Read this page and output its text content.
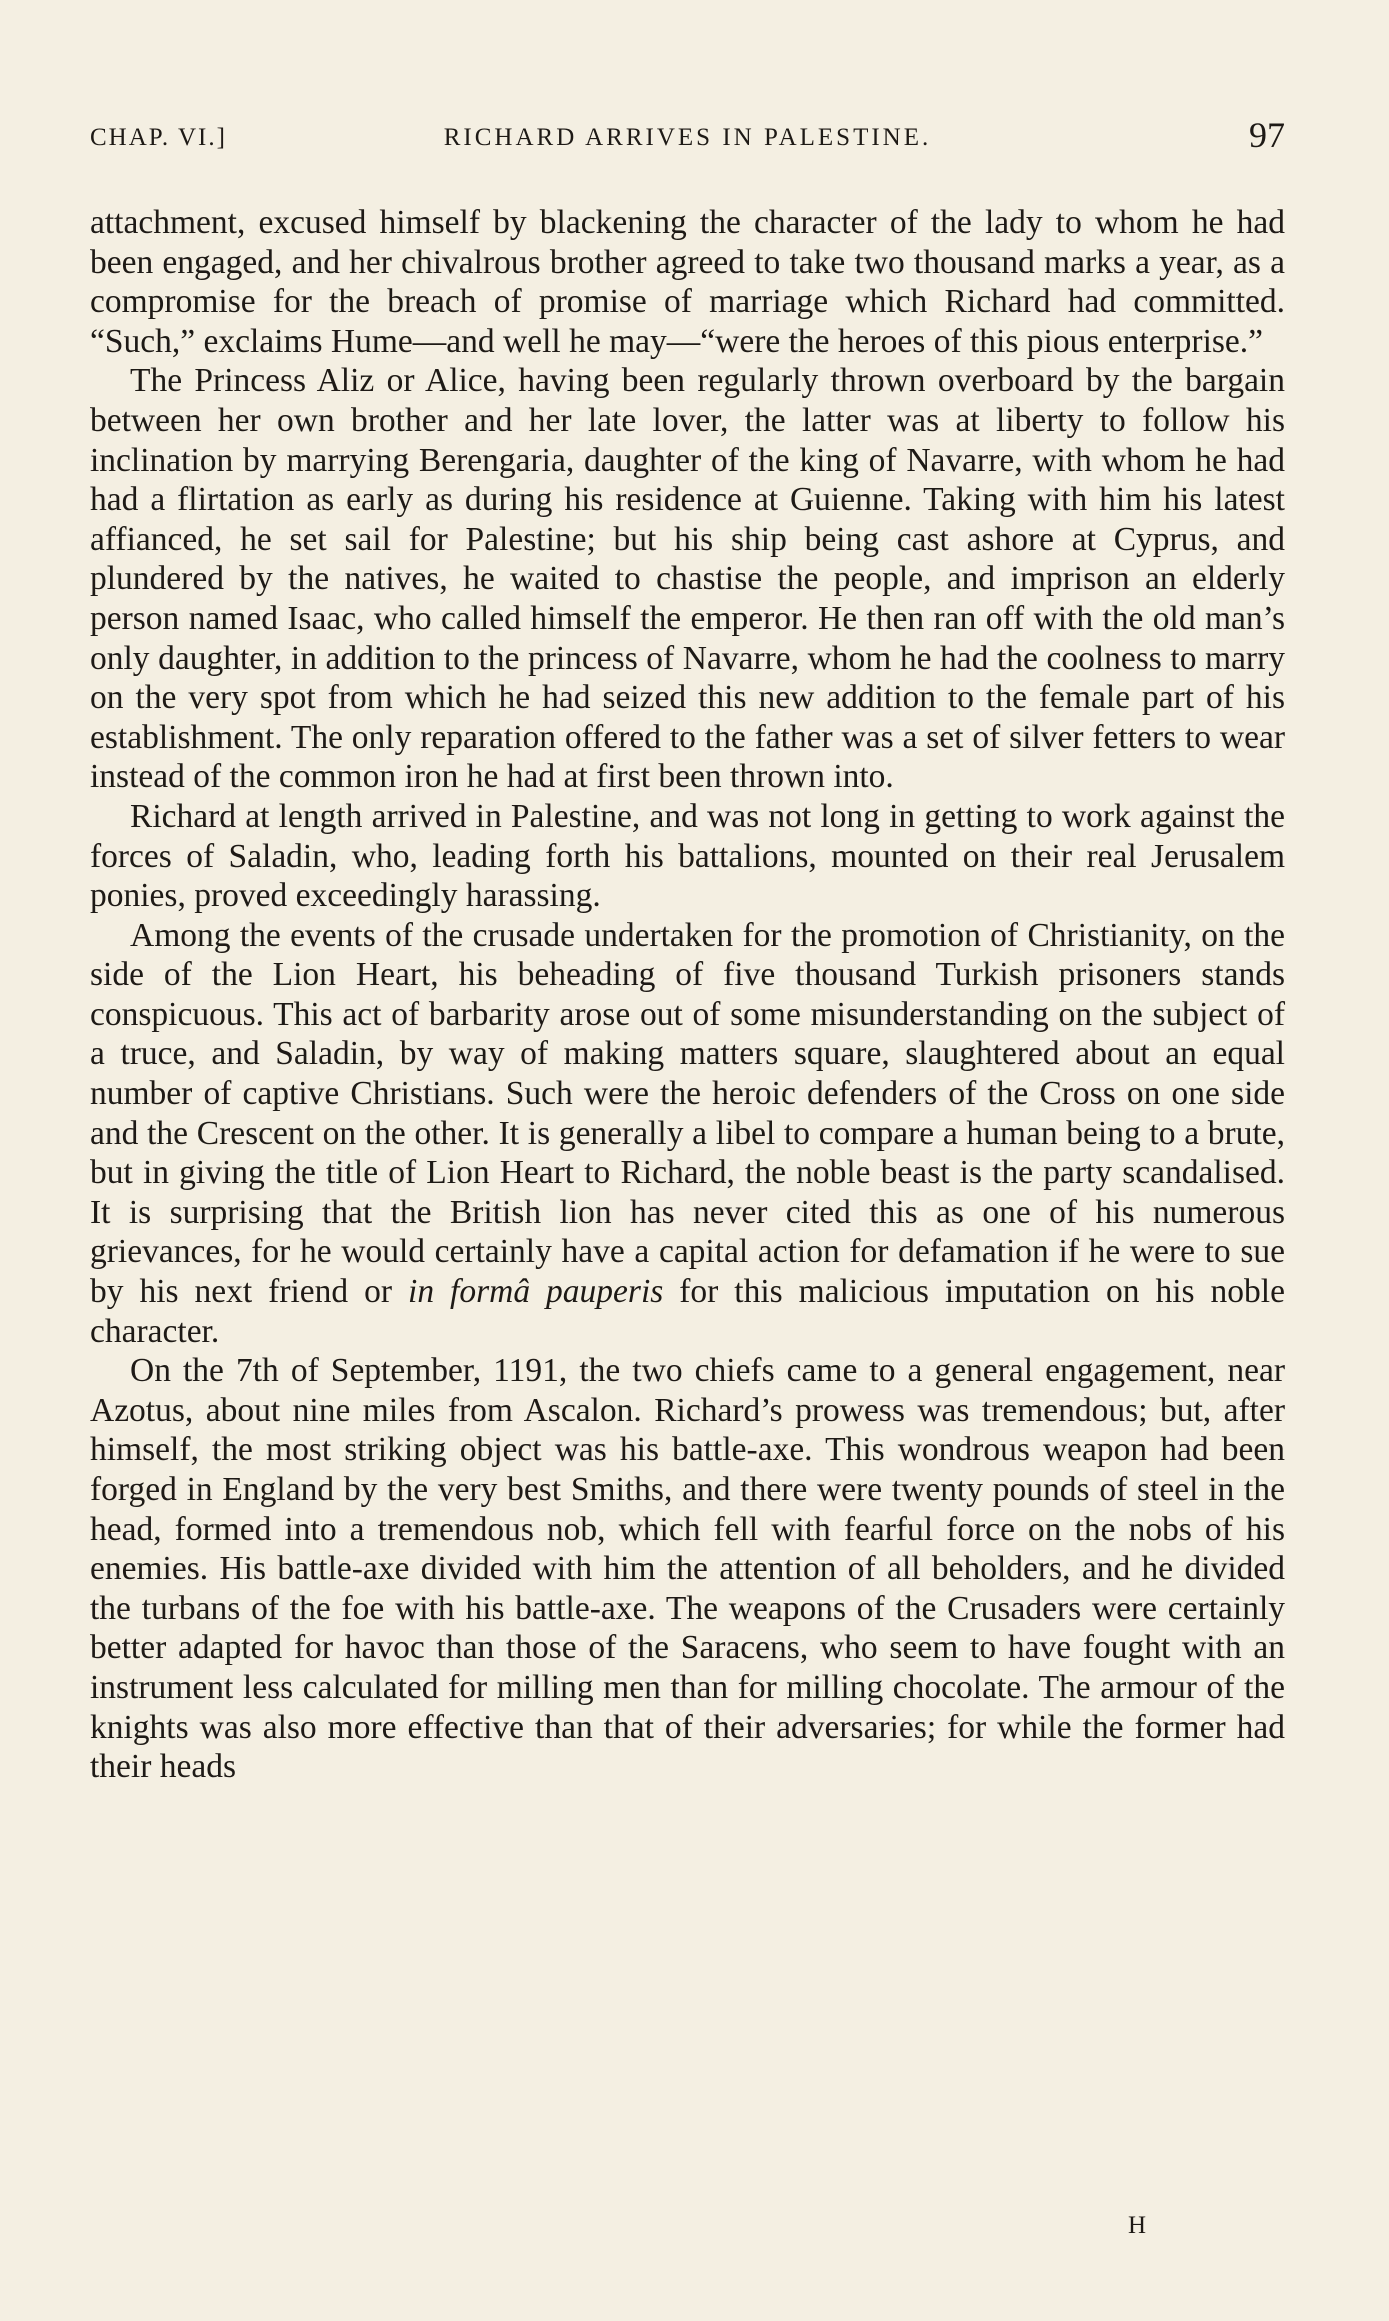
CHAP. VI.]	RICHARD ARRIVES IN PALESTINE.	97

attachment, excused himself by blackening the character of the lady to whom he had been engaged, and her chivalrous brother agreed to take two thousand marks a year, as a compromise for the breach of promise of marriage which Richard had committed. “Such,” exclaims Hume—and well he may—“were the heroes of this pious enterprise.”

The Princess Aliz or Alice, having been regularly thrown overboard by the bargain between her own brother and her late lover, the latter was at liberty to follow his inclination by marrying Berengaria, daughter of the king of Navarre, with whom he had had a flirtation as early as during his residence at Guienne. Taking with him his latest affianced, he set sail for Palestine; but his ship being cast ashore at Cyprus, and plundered by the natives, he waited to chastise the people, and imprison an elderly person named Isaac, who called himself the emperor. He then ran off with the old man’s only daughter, in addition to the princess of Navarre, whom he had the coolness to marry on the very spot from which he had seized this new addition to the female part of his establishment. The only reparation offered to the father was a set of silver fetters to wear instead of the common iron he had at first been thrown into.

Richard at length arrived in Palestine, and was not long in getting to work against the forces of Saladin, who, leading forth his battalions, mounted on their real Jerusalem ponies, proved exceedingly harassing.

Among the events of the crusade undertaken for the promotion of Christianity, on the side of the Lion Heart, his beheading of five thousand Turkish prisoners stands conspicuous. This act of barbarity arose out of some misunderstanding on the subject of a truce, and Saladin, by way of making matters square, slaughtered about an equal number of captive Christians. Such were the heroic defenders of the Cross on one side and the Crescent on the other. It is generally a libel to compare a human being to a brute, but in giving the title of Lion Heart to Richard, the noble beast is the party scandalised. It is surprising that the British lion has never cited this as one of his numerous grievances, for he would certainly have a capital action for defamation if he were to sue by his next friend or in formâ pauperis for this malicious imputation on his noble character.

On the 7th of September, 1191, the two chiefs came to a general engagement, near Azotus, about nine miles from Ascalon. Richard’s prowess was tremendous; but, after himself, the most striking object was his battle-axe. This wondrous weapon had been forged in England by the very best Smiths, and there were twenty pounds of steel in the head, formed into a tremendous nob, which fell with fearful force on the nobs of his enemies. His battle-axe divided with him the attention of all beholders, and he divided the turbans of the foe with his battle-axe. The weapons of the Crusaders were certainly better adapted for havoc than those of the Saracens, who seem to have fought with an instrument less calculated for milling men than for milling chocolate. The armour of the knights was also more effective than that of their adversaries; for while the former had their heads

H
